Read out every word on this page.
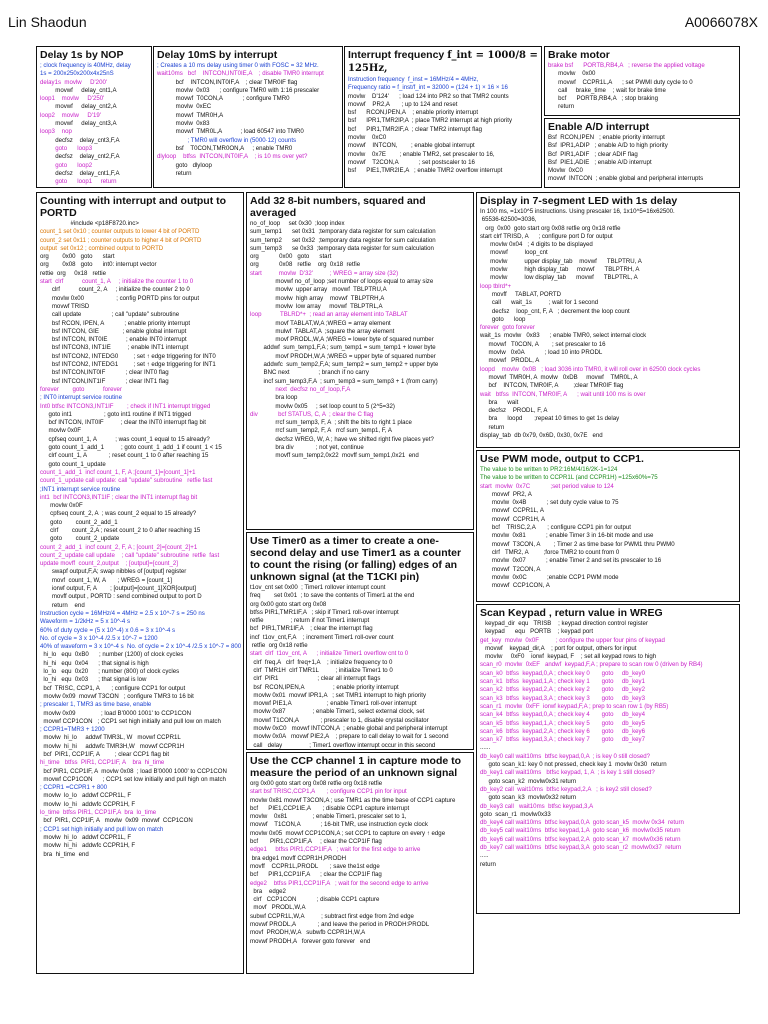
Lin Shaodun	A0066078X
Delay 1s by NOP
; clock frequency is 40MHz, delay
1s = 200x250x200x4x25nS
delay1s  movlw     D'200'
movwf     delay_cnt1,A
loop1    movlw     D'250'
movwf     delay_cnt2,A
loop2    movlw     D'19'
movwf     delay_cnt3,A
loop3    nop
decfsz    delay_cnt3,F,A
goto      loop3
decfsz    delay_cnt2,F,A
goto      loop2
decfsz    delay_cnt1,F,A
goto      loop1     return
Delay 10mS by interrupt
; Creates a 10 ms delay using timer 0 with FOSC = 32 MHz.
wait10ms   bcf    INTCON,INT0IE,A    ; disable TMR0 interrupt
bcf    INTCON,INT0IF,A    ; clear TMR0IF flag
movlw  0x03      ; configure TMR0 with 1:16 prescaler
movwf  T0CON,A            ; configure TMR0
movlw  0xEC
movwf  TMR0H,A
movlw  0x83
movwf  TMR0L,A           ; load 60547 into TMR0
; TMR0 will overflow in (5000·12) counts
bsf    T0CON,TMR0ON,A     ; enable TMR0
dlyloop    btfss  INTCON,INT0IF,A    ; is 10 ms over yet?
goto   dlyloop
return
Interrupt frequency f_int = 1000/8 = 125Hz,
Instruction frequency  f_inst = 16MHz/4 = 4MHz,
Frequency ratio = f_inst/f_int = 32000 = (124 + 1) × 16 × 16
movlw    D'124'      ; load 124 into PR2 so that TMR2 counts
movwf    PR2,A       ; up to 124 and reset
bsf      RCON,IPEN,A    ; enable priority interrupt
bsf      IPR1,TMR2IP,A  ; place TMR2 interrupt at high priority
bcf      PIR1,TMR2IF,A  ; clear TMR2 interrupt flag
movlw    0xC0
movwf    INTCON,        ; enable global interrupt
movlw    0x7E        ; enable TMR2, set prescaler to 16,
movwf    T2CON,A            ; set postscaler to 16
bsf      PIE1,TMR2IE,A   ; enable TMR2 overflow interrupt
Brake motor
brake bsf      PORTB,RB4,A   ; reverse the applied voltage
movlw    0x00
movwf    CCPR1L,A      ; set PWMI duty cycle to 0
call     brake_time    ; wait for brake time
bcf      PORTB,RB4,A   ; stop braking
return
Enable A/D interrupt
Bsf  RCON,IPEN   ; enable priority interrupt
Bsf  IPR1,ADIP   ; enable A/D to high priority
Bcf  PIR1,ADIF   ; clear ADIF flag
Bsf  PIE1,ADIE   ; enable A/D interrupt
Movlw  0xC0
movwf  INTCON  ; enable global and peripheral interrupts
Counting with interrupt and output to PORTD
#include <p18F8720.inc>
count_1 set 0x10 ; counter outputs to lower 4 bit of PORTD
count_2 set 0x11 ; counter outputs to higher 4 bit of PORTD
output  set 0x12 ; combined output to PORTD
org        0x00   goto      start
org        0x08   goto      int0: interrupt vector
rettie  org     0x18   rettie
start  clrf           count_1, A     ; initialize the counter 1 to 0
clrf           count_2, A     ; initialize the counter 2 to 0
movlw 0x00                   ; config PORTD pins for output
movwf TRISD
call update                  ; call "update" subroutine
bsf RCON, IPEN, A            ; enable priority interrupt
bsf INTCON, GIE              ; enable global interrupt
bsf INTCON, INT0IE           ; enable INT0 interrupt
bsf INTCON3, INT1IE          ; enable INT1 interrupt
bsf INTCON2, INTEDG0         ; set ↑ edge triggering for INT0
bsf INTCON2, INTEDG1         ; set ↑ edge triggering for INT1
bsf INTCON,INT0IF            ; clear INT0 flag
bsf INTCON,INT1IF            ; clear INT1 flag
forever        goto           forever
; INT0 interrupt service routine
Int0 btfsc INTCON3,INT1IF        ; check if INT1 interrupt trigged
goto int1                   ; goto int1 routine if INT1 trigged
bcf INTCON, INT0IF          ; clear the INT0 interrupt flag bit
movlw 0x0F
cpfseq count_1, A           ; was count_1 equal to 15 already?
goto count_1_add_1          ; goto count_1_add_1 if count_1 < 15
clrf count_1, A             ; reset count_1 to 0 after reaching 15
goto count_1_update
count_1_add_1  incf count_1, F, A ;[count_1]=[count_1]+1
count_1_update call update: call "update" subroutine   retfie fast
;INT1 interrupt service routine
int1  bcf INTCON3,INT1IF ; clear the INT1 interrupt flag bit
movlw 0x0F
cpfseq count_2, A  ; was count_2 equal to 15 already?
goto        count_2_add_1
clrf        count_2,A ; reset count_2 to 0 after reaching 15
goto        count_2_update
count_2_add_1  incf count_2, F, A ; [count_2]=[count_2]+1
count_2_update call update    ; call "update" subroutine  retfie  fast
update movff  count_2,output    ; [output]=[count_2]
swapf output,F,A; swap nibbles of [output] register
movf  count_1, W, A       ; WREG = [count_1]
iorwf output, F, A        ; [output]=[count_1]XOR[output]
movff output , PORTD : send combined output to port D
return    end
Instruction cycle = 16MHz/4 = 4MHz = 2.5 x 10^-7 s = 250 ns
Waveform = 1/2kHz = 5 x 10^-4 s
60% of duty cycle = (5 x 10^-4) x 0.6 = 3 x 10^-4 s
No. of cycle = 3 x 10^-4 /2.5 x 10^-7 = 1200
40% of waveform = 3 x 10^-4 s  No. of cycle = 2 x 10^-4 /2.5 x 10^-7 = 800
hi_lo   equ  0xB0      ; number (1200) of clock cycles
hi_hi   equ  0x04      ; that signal is high
lo_lo   equ  0x20      ; number (800) of clock cycles
lo_hi   equ  0x03      ; that signal is low
bcf  TRISC, CCP1, A       ; configure CCP1 for output
movlw 0x09  movwf T3CON   ; configure TMR3 to 16 bit
; prescaler 1, TMR3 as time base, enable
movlw 0x09               ; load B'0000 1001' to CCP1CON
movwf CCP1CON   ; CCP1 set high initially and pull low on match
; CCPR1=TMR3 + 1200
movlw  hi_lo     addwf TMR3L, W   movwf CCPR1L
movlw  hi_hi     addwfc TMR3H,W   movwf CCPR1H
bcf  PIR1, CCP1IF, A         ; clear CCP1 flag bit
hi_time   btfss  PIR1, CCP1IF, A    bra  hi_time
bcf PIR1, CCP1IF, A  movlw 0x08  ; load B'0000 1000' to CCP1CON
movwf CCP1CON      ; CCP1 set low initially and pull high on match
; CCPR1 =CCPR1 + 800
movlw  lo_lo   addwf CCPR1L, F
movlw  lo_hi   addwfc CCPR1H, F
lo_time  btfss PIR1, CCP1IF,A  bra  lo_time
bcf  PIR1, CCP1IF, A   movlw  0x09  movwf  CCP1CON
; CCP1 set high initially and pull low on match
movlw  hi_lo   addwf CCPR1L, F
movlw  hi_hi   addwfc CCPR1H, F
bra  hi_time  end
Add 32 8-bit numbers, squared and averaged
no_of_loop     set 0x30  ;loop index
sum_temp1      set 0x31  ;temporary data register for sum calculation
sum_temp2      set 0x32  ;temporary data register for sum calculation
sum_temp3      se 0x33  ;temporary data register for sum calculation
org            0x00   goto      start
org            0x08   retfie    org  0x18  retfie
start          movlw  D'32'          ; WREG = array size (32)
movwf no_of_loop ;set number of loops equal to array size
movlw  upper array   movwf  TBLPTRU,A
movlw  high array    movwf  TBLPTRH,A
movlw  low array     movwf  TBLPTRL,A
loop           TBLRD*+  ; read an array element into TABLAT
movf TABLAT,W,A ;WREG = array element
mulwf  TABLAT,A  ;square the array element
movf PRODL,W,A ;WREG = lower byte of squared number
addwf  sum_temp1,F,A ; sum_temp1 = sum_temp1 + lower byte
movf PRODH,W,A ;WREG = upper byte of squared number
addwfc  sum_temp2,F,A; sum_temp2 = sum_temp2 + upper byte
BNC next                 ; branch if no carry
incf sum_temp3,F,A  ; sum_temp3 = sum_temp3 + 1 (from carry)
next  decfsz no_of_loop,F,A
bra loop
movlw 0x05     ; set loop count to 5 (2^5=32)
div            bcf STATUS, C, A  ; clear the C flag
rrcf sum_temp3, F, A  ; shift the bits to right 1 place
rrcf sum_temp2, F, A   rrcf sum_temp1, F, A
decfsz WREG, W, A ; have we shifted right five places yet?
bra div             ; not yet, continue
movff sum_temp2,0x22  movff sum_temp1,0x21  end
Use Timer0 as a timer to create a one-second delay and use Timer1 as a counter to count the rising (or falling) edges of an unknown signal (at the T1CKI pin)
t1ov_cnt set 0x00  ; Timer1 rollover interrupt count
freq        set 0x01  ; to save the contents of Timer1 at the end
org 0x00 goto start org 0x08
btfss PIR1,TMR1IF,A   ; skip if Timer1 roll-over interrupt
retfie                ; return if not Timer1 interrupt
bcf  PIR1,TMR1IF,A    ; clear the interrupt flag
incf  t1ov_cnt,F,A    ; increment Timer1 roll-over count
retfie  org 0x18 retfie
start  clrf  t1ov_cnt, A      ; initialize Timer1 overflow cnt to 0
clrf  freq,A   clrf  freq+1,A    ; initialize frequency to 0
clrf  TMR1H  clrf TMR1L          ; initialize Timer1 to 0
clrf  PIR1                       ; clear all interrupt flags
bsf  RCON,IPEN,A                 ; enable priority interrupt
movlw 0x01  movwf IPR1,A   ; set TMR1 interrupt to high priority
movwf PIE1,A                     ; enable Timer1 roll-over interrupt
movlw 0x87                ; enable Timer1, select external clock, set
movwf T1CON,A             ; prescaler to 1, disable crystal oscillator
movlw 0xC0   movwf INTCON,A  ; enable global and peripheral interrupt
movlw 0x0A   movwf PIE2,A    ; prepare to call delay to wait for 1 second
call   delay                ; Timer1 overflow interrupt occur in this second
Use the CCP channel 1 in capture mode to measure the period of an unknown signal
org 0x00 goto start org 0x08 retfie org 0x18 retfie
start bsf TRISC,CCP1,A       ; configure CCP1 pin for input
movlw 0x81 movwf T3CON,A ; use TMR1 as the time base of CCP1 capture
bcf      PIE1,CCP1IE,A       ; disable CCP1 capture interrupt
movlw    0x81               ; enable Timer1, prescaler set to 1,
movwf    T1CON,A            ; 16-bit TMR, use instruction cycle clock
movlw 0x05  movwf CCP1CON,A ; set CCP1 to capture on every ↑ edge
bcf       PIR1,CCP1IF,A     ; clear the CCP1IF flag
edge1     btfss PIR1,CCP1IF,A   ; wait for the first edge to arrive
bra edge1 movff CCPR1H,PRODH
movff    CCPR1L,PRODL       ; save the1st edge
bcf      PIR1,CCP1IF,A      ; clear the CCP1IF flag
edge2    btfss PIR1,CCP1IF,A   ; wait for the second edge to arrive
bra    edge2
clrf   CCP1CON            ; disable CCP1 capture
movf   PRODL,W,A
subwf CCPR1L,W,A          ; subtract first edge from 2nd edge
movwf PRODL,A             ; and leave the period in PRODH:PRODL
movf  PRODH,W,A   subwfb CCPR1H,W,A
movwf PRODH,A   forever goto forever   end
Display in 7-segment LED with 1s delay
In 100 ms, =1x10^5 instructions. Using prescaler 16, 1x10^5=16x62500.
65536-62500=3036,
org  0x00  goto start org 0x08 retfie org 0x18 retfie
start clrf TRISD, A      ; configure port D for output
movlw 0x04   ; 4 digits to be displayed
movwf          loop_cnt
movlw          upper display_tab    movwf      TBLPTRU, A
movlw          high display_tab     movwf      TBLPTRH, A
movlw          low display_tab      movwf      TBLPTRL, A
loop tblrd*+
movff     TABLAT, PORTD
call      wait_1s          ; wait for 1 second
decfsz    loop_cnt, F, A   ; decrement the loop count
goto      loop
forever  goto forever
wait_1s  movlw   0x83      ; enable TMR0, select internal clock
movwf   T0CON, A        ; set prescaler to 16
movlw   0x0A            ; load 10 into PRODL
movwf   PRODL, A
loopd    movlw  0x0B   ; load 3036 into TMR0, it will roll over in 62500 clock cycles
movwf  TMR0H, A  movlw   0xDB     movwf    TMR0L, A
bcf    INTCON, TMR0IF, A         ;clear TMR0IF flag
wait   btfss  INTCON, TMR0IF, A      ; wait until 100 ms is over
bra      wait
decfsz    PRODL, F, A
bra      loopd       ;repeat 10 times to get 1s delay
return
display_tab  db 0x79, 0x6D, 0x30, 0x7E   end
Use PWM mode, output to CCP1.
The value to be written to PR2:16M/4/16/2K-1=124
The value to be written to CCPR1L (and CCPR1H) =125x60%=75
start  movlw  0x7C            ;set period value to 124
movwf  PR2, A
movlw  0x4B            ; set duty cycle value to 75
movwf  CCPR1L, A
movwf  CCPR1H, A
bcf    TRISC,2,A       ; configure CCP1 pin for output
movlw  0x81            ; enable Timer 3 in 16-bit mode and use
movwf  T3CON, A        ; Timer 2 as time base for PWM1 thru PWM0
clrf   TMR2, A         ;force TMR2 to count from 0
movlw  0x07            ; enable Timer 2 and set its prescaler to 16
movwf  T2CON, A
movlw  0x0C            ;enable CCP1 PWM mode
movwf  CCP1CON, A
Scan Keypad , return value in WREG
keypad_dir  equ   TRISB    ; keypad direction control register
keypad      equ   PORTB    ; keypad port
get_key  movlw  0x0F          ; configure the upper four pins of keypad
movwf    keypad_dir,A    ; port for output, others for input
movlw     0xF0    iorwf  keypad, F    ; set all keypad rows to high
scan_r0  movlw  0xEF   andwf  keypad,F,A ; prepare to scan row 0 (driven by RB4)
scan_k0  btfss  keypad,0,A ; check key 0       goto     db_key0
scan_k1  btfss  keypad,1,A ; check key 1       goto     db_key1
scan_k2  btfss  keypad,2,A ; check key 2       goto     db_key2
scan_k3  btfss  keypad,3,A ; check key 3       goto     db_key3
scan_r1  movlw  0xFF  iorwf keypad,F,A ; prep to scan row 1 (by RB5)
scan_k4  btfss  keypad,0,A ; check key 4       goto     db_key4
scan_k5  btfss  keypad,1,A ; check key 5       goto     db_key5
scan_k6  btfss  keypad,2,A ; check key 6       goto     db_key6
scan_k7  btfss  keypad,3,A ; check key 7       goto     db_key7
......
db_key0 call wait10ms  btfsc keypad,0,A  ; is key 0 still closed?
goto scan_k1: key 0 not pressed, check key 1  movlw 0x30  return
db_key1 call wait10ms   btfsc keypad, 1, A  ; is key 1 still closed?
goto scan_k2  movlw0x31 return
db_key2 call  wait10ms  btfsc keypad,2,A   ; is key2 still closed?
goto scan_k3  movlw0x32 return
db_key3 call   wait10ms  btfsc keypad,3,A
goto  scan_r1  movlw0x33
db_key4 call wait10ms  btfsc keypad,0,A  goto scan_k5  movlw 0x34  return
db_key5 call wait10ms  btfsc keypad,1,A  goto scan_k6  movlw0x35 return
db_key6 call wait10ms  btfsc keypad,2,A  goto scan_k7  movlw0x36 return
db_key7 call wait10ms  btfsc keypad,3,A  goto scan_r2  movlw0x37  return
.....
return
